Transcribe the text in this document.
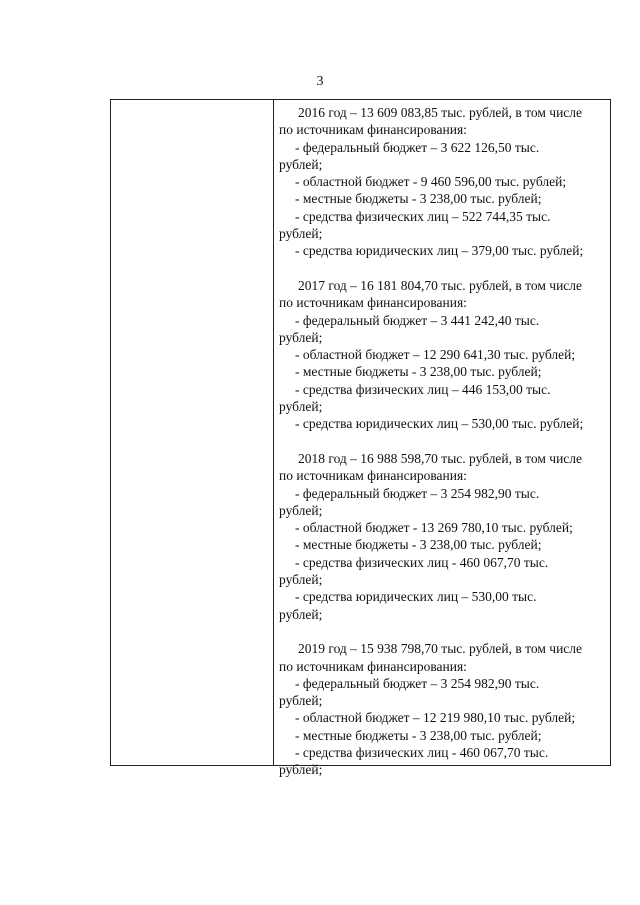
3
2016 год – 13 609 083,85 тыс. рублей, в том числе
по источникам финансирования:
- федеральный бюджет – 3 622 126,50 тыс.
рублей;
- областной бюджет - 9 460 596,00 тыс. рублей;
- местные бюджеты - 3 238,00 тыс. рублей;
- средства физических лиц – 522 744,35 тыс.
рублей;
- средства юридических лиц – 379,00 тыс. рублей;
2017 год – 16 181 804,70 тыс. рублей, в том числе
по источникам финансирования:
- федеральный бюджет – 3 441 242,40 тыс.
рублей;
- областной бюджет – 12 290 641,30 тыс. рублей;
- местные бюджеты - 3 238,00 тыс. рублей;
- средства физических лиц – 446 153,00 тыс.
рублей;
- средства юридических лиц – 530,00 тыс. рублей;
2018 год – 16 988 598,70 тыс. рублей, в том числе
по источникам финансирования:
- федеральный бюджет – 3 254 982,90 тыс.
рублей;
- областной бюджет - 13 269 780,10 тыс. рублей;
- местные бюджеты - 3 238,00 тыс. рублей;
- средства физических лиц - 460 067,70 тыс.
рублей;
- средства юридических лиц – 530,00 тыс.
рублей;
2019 год – 15 938 798,70 тыс. рублей, в том числе
по источникам финансирования:
- федеральный бюджет – 3 254 982,90 тыс.
рублей;
- областной бюджет – 12 219 980,10 тыс. рублей;
- местные бюджеты - 3 238,00 тыс. рублей;
- средства физических лиц - 460 067,70 тыс.
рублей;
